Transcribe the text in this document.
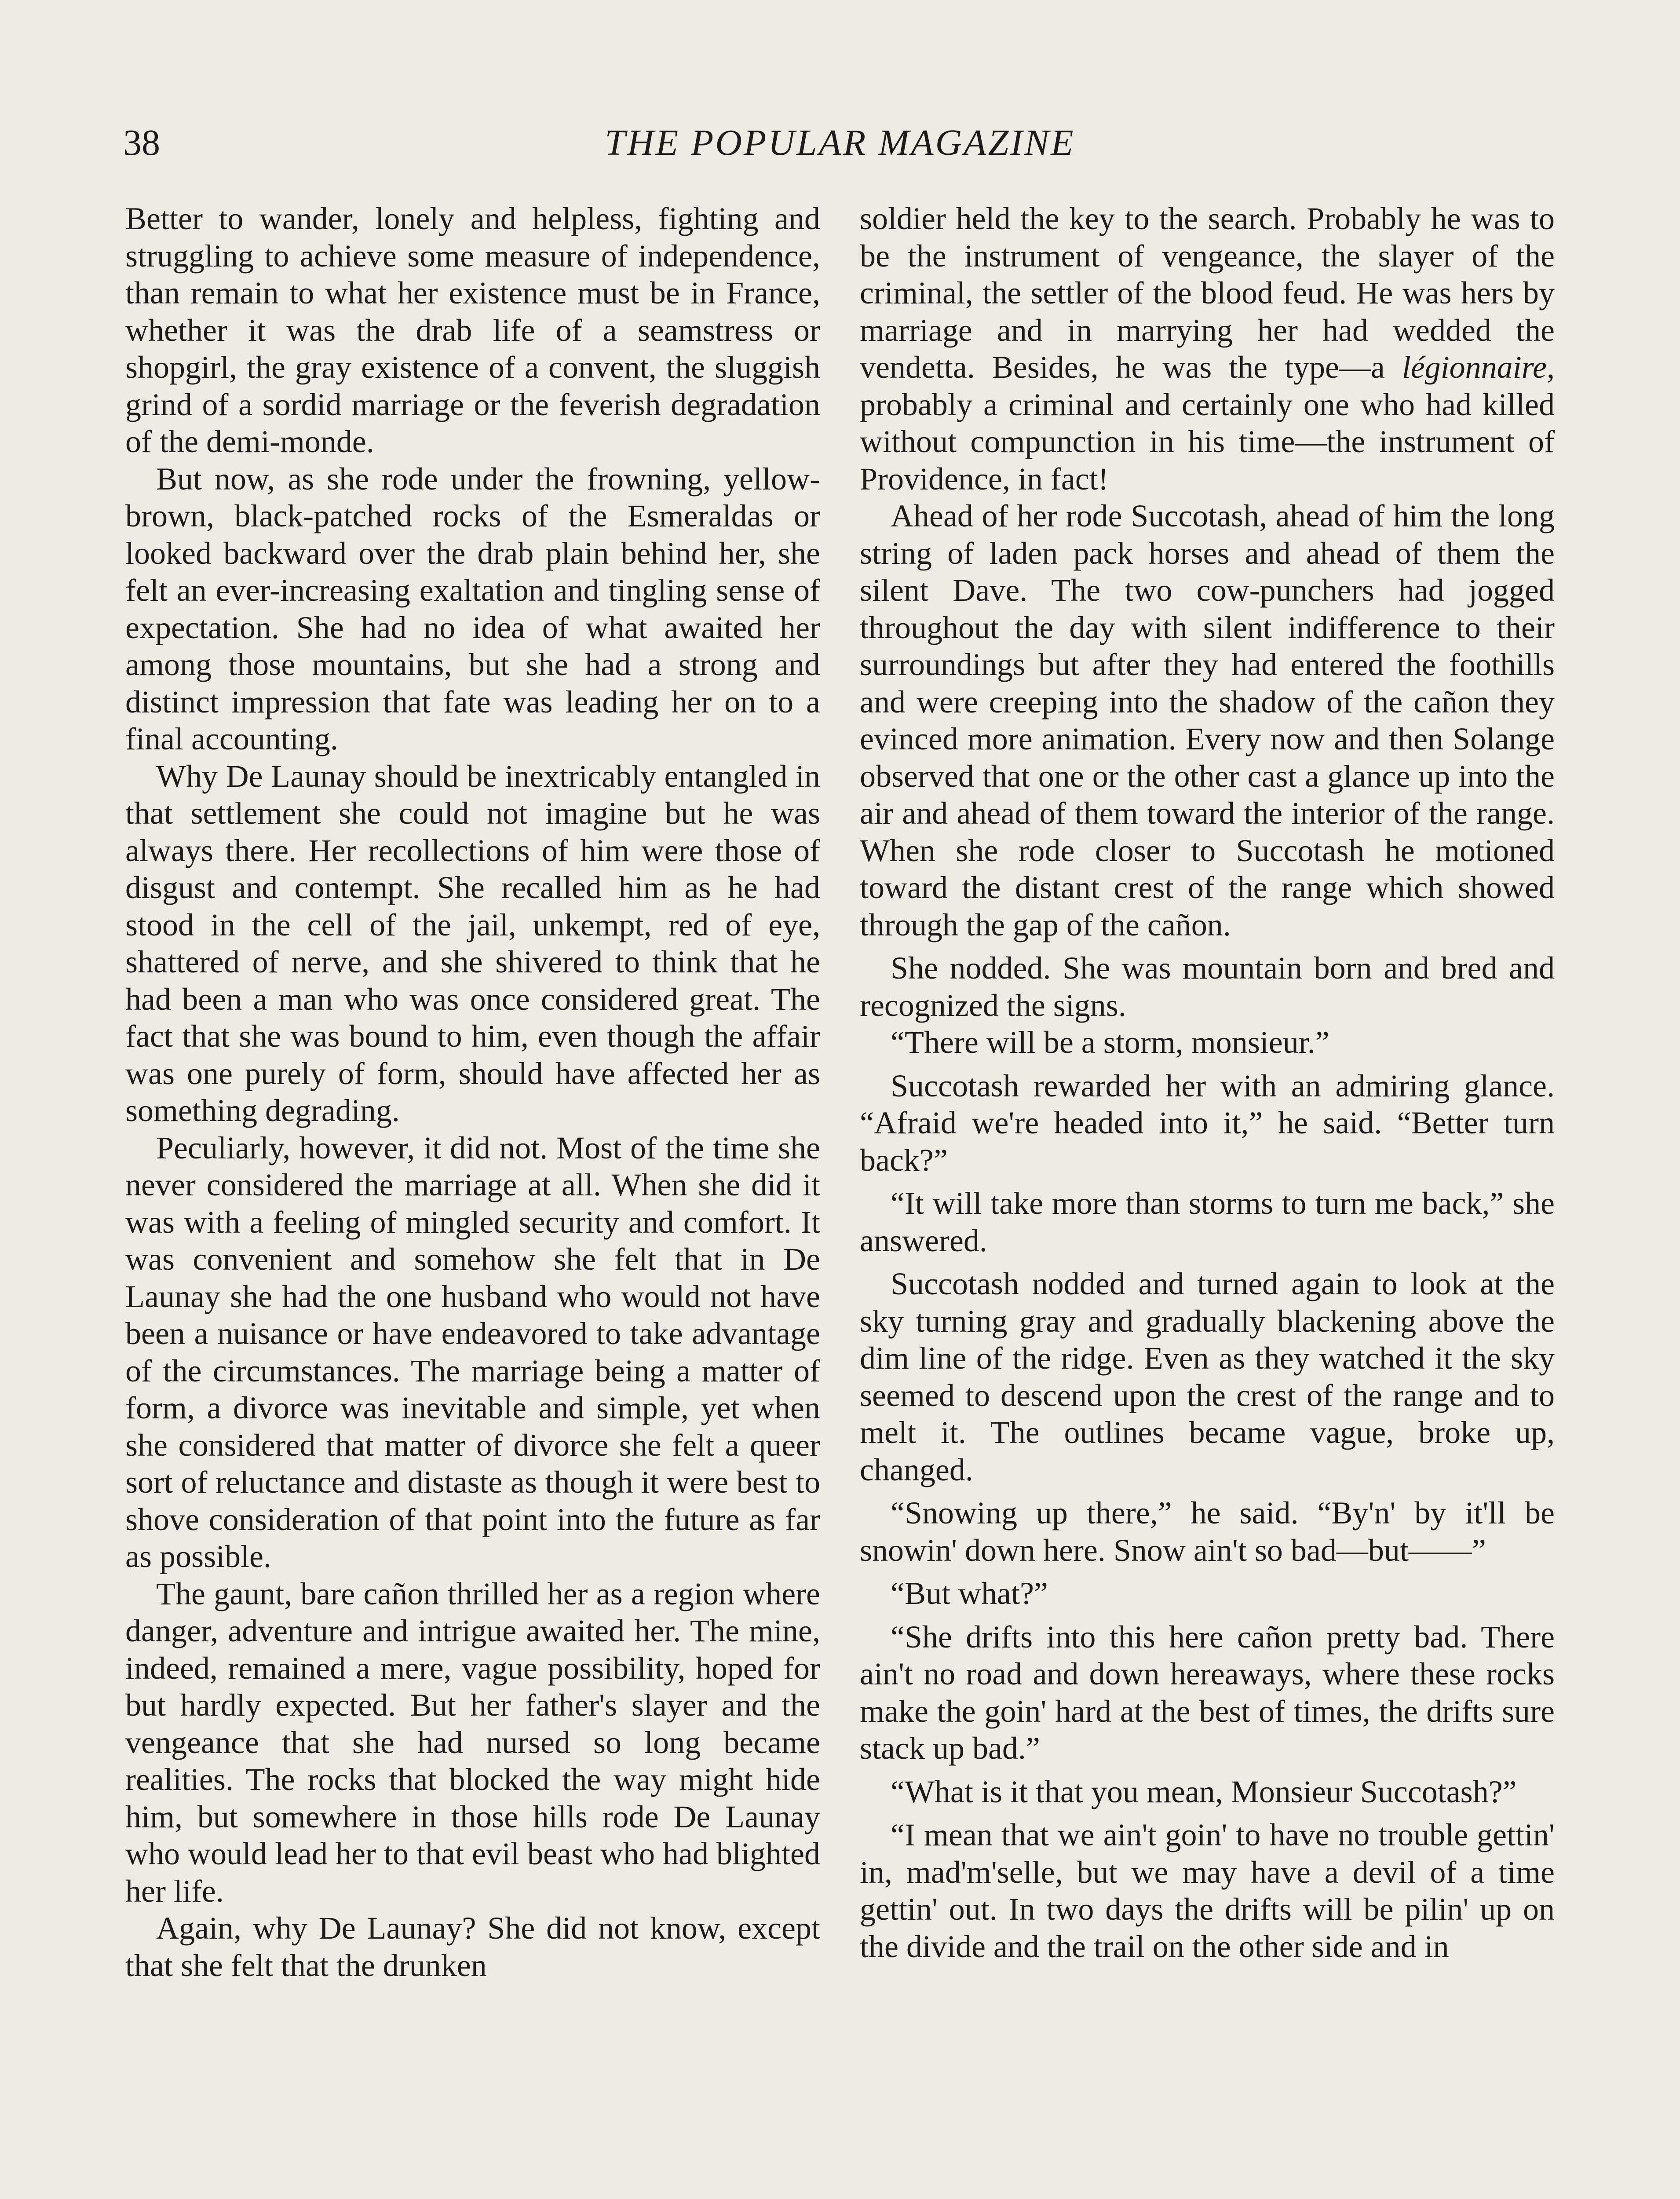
38	THE POPULAR MAGAZINE

Better to wander, lonely and helpless, fighting and struggling to achieve some measure of independence, than remain to what her existence must be in France, whether it was the drab life of a seamstress or shopgirl, the gray existence of a convent, the sluggish grind of a sordid marriage or the feverish degradation of the demi-monde.

But now, as she rode under the frowning, yellow-brown, black-patched rocks of the Esmeraldas or looked backward over the drab plain behind her, she felt an ever-increasing exaltation and tingling sense of expectation. She had no idea of what awaited her among those mountains, but she had a strong and distinct impression that fate was leading her on to a final accounting.

Why De Launay should be inextricably entangled in that settlement she could not imagine but he was always there. Her recollections of him were those of disgust and contempt. She recalled him as he had stood in the cell of the jail, unkempt, red of eye, shattered of nerve, and she shivered to think that he had been a man who was once considered great. The fact that she was bound to him, even though the affair was one purely of form, should have affected her as something degrading.

Peculiarly, however, it did not. Most of the time she never considered the marriage at all. When she did it was with a feeling of mingled security and comfort. It was convenient and somehow she felt that in De Launay she had the one husband who would not have been a nuisance or have endeavored to take advantage of the circumstances. The marriage being a matter of form, a divorce was inevitable and simple, yet when she considered that matter of divorce she felt a queer sort of reluctance and distaste as though it were best to shove consideration of that point into the future as far as possible.

The gaunt, bare cañon thrilled her as a region where danger, adventure and intrigue awaited her. The mine, indeed, remained a mere, vague possibility, hoped for but hardly expected. But her father's slayer and the vengeance that she had nursed so long became realities. The rocks that blocked the way might hide him, but somewhere in those hills rode De Launay who would lead her to that evil beast who had blighted her life.

Again, why De Launay? She did not know, except that she felt that the drunken

soldier held the key to the search. Probably he was to be the instrument of vengeance, the slayer of the criminal, the settler of the blood feud. He was hers by marriage and in marrying her had wedded the vendetta. Besides, he was the type—a légionnaire, probably a criminal and certainly one who had killed without compunction in his time—the instrument of Providence, in fact!

Ahead of her rode Succotash, ahead of him the long string of laden pack horses and ahead of them the silent Dave. The two cow-punchers had jogged throughout the day with silent indifference to their surroundings but after they had entered the foothills and were creeping into the shadow of the cañon they evinced more animation. Every now and then Solange observed that one or the other cast a glance up into the air and ahead of them toward the interior of the range. When she rode closer to Succotash he motioned toward the distant crest of the range which showed through the gap of the cañon.

She nodded. She was mountain born and bred and recognized the signs.

“There will be a storm, monsieur.”

Succotash rewarded her with an admiring glance. “Afraid we're headed into it,” he said. “Better turn back?”

“It will take more than storms to turn me back,” she answered.

Succotash nodded and turned again to look at the sky turning gray and gradually blackening above the dim line of the ridge. Even as they watched it the sky seemed to descend upon the crest of the range and to melt it. The outlines became vague, broke up, changed.

“Snowing up there,” he said. “By'n' by it'll be snowin' down here. Snow ain't so bad—but——”

“But what?”

“She drifts into this here cañon pretty bad. There ain't no road and down hereaways, where these rocks make the goin' hard at the best of times, the drifts sure stack up bad.”

“What is it that you mean, Monsieur Succotash?”

“I mean that we ain't goin' to have no trouble gettin' in, mad'm'selle, but we may have a devil of a time gettin' out. In two days the drifts will be pilin' up on the divide and the trail on the other side and in
